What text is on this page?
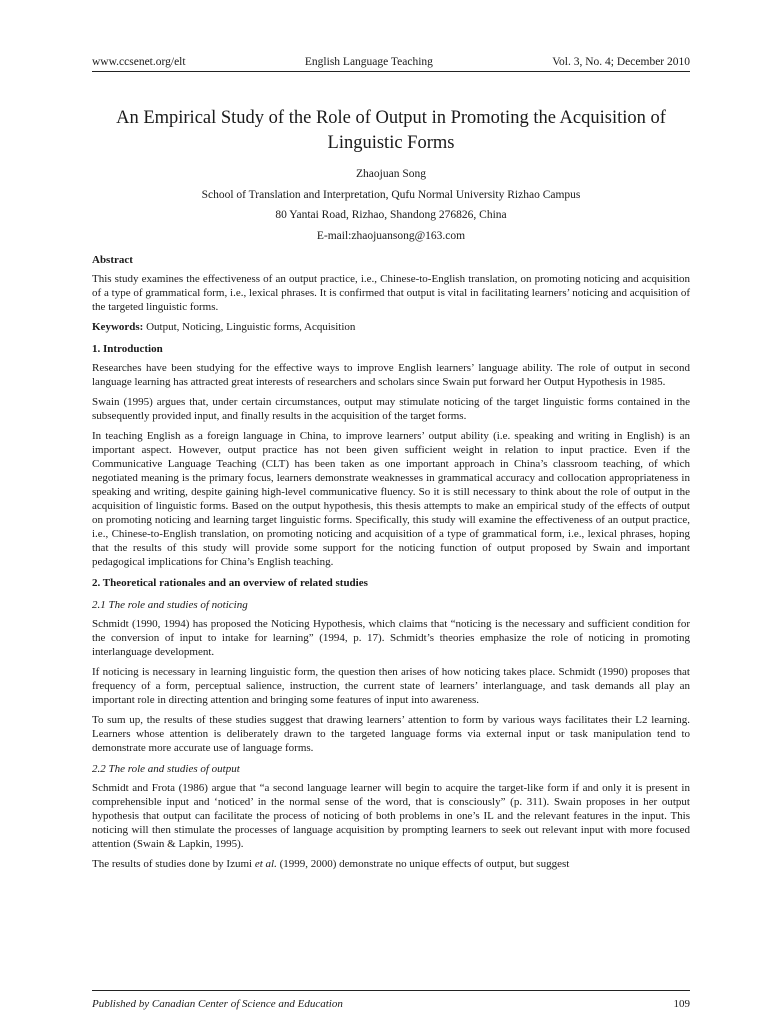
www.ccsenet.org/elt	English Language Teaching	Vol. 3, No. 4; December 2010
An Empirical Study of the Role of Output in Promoting the Acquisition of Linguistic Forms
Zhaojuan Song
School of Translation and Interpretation, Qufu Normal University Rizhao Campus
80 Yantai Road, Rizhao, Shandong 276826, China
E-mail:zhaojuansong@163.com
Abstract

This study examines the effectiveness of an output practice, i.e., Chinese-to-English translation, on promoting noticing and acquisition of a type of grammatical form, i.e., lexical phrases. It is confirmed that output is vital in facilitating learners’ noticing and acquisition of the targeted linguistic forms.

Keywords: Output, Noticing, Linguistic forms, Acquisition
1. Introduction

Researches have been studying for the effective ways to improve English learners’ language ability. The role of output in second language learning has attracted great interests of researchers and scholars since Swain put forward her Output Hypothesis in 1985.

Swain (1995) argues that, under certain circumstances, output may stimulate noticing of the target linguistic forms contained in the subsequently provided input, and finally results in the acquisition of the target forms.

In teaching English as a foreign language in China, to improve learners’ output ability (i.e. speaking and writing in English) is an important aspect. However, output practice has not been given sufficient weight in relation to input practice. Even if the Communicative Language Teaching (CLT) has been taken as one important approach in China’s classroom teaching, of which negotiated meaning is the primary focus, learners demonstrate weaknesses in grammatical accuracy and collocation appropriateness in speaking and writing, despite gaining high-level communicative fluency. So it is still necessary to think about the role of output in the acquisition of linguistic forms. Based on the output hypothesis, this thesis attempts to make an empirical study of the effects of output on promoting noticing and learning target linguistic forms. Specifically, this study will examine the effectiveness of an output practice, i.e., Chinese-to-English translation, on promoting noticing and acquisition of a type of grammatical form, i.e., lexical phrases, hoping that the results of this study will provide some support for the noticing function of output proposed by Swain and important pedagogical implications for China’s English teaching.

2. Theoretical rationales and an overview of related studies
2.1 The role and studies of noticing

Schmidt (1990, 1994) has proposed the Noticing Hypothesis, which claims that “noticing is the necessary and sufficient condition for the conversion of input to intake for learning” (1994, p. 17). Schmidt’s theories emphasize the role of noticing in promoting interlanguage development.

If noticing is necessary in learning linguistic form, the question then arises of how noticing takes place. Schmidt (1990) proposes that frequency of a form, perceptual salience, instruction, the current state of learners’ interlanguage, and task demands all play an important role in directing attention and bringing some features of input into awareness.

To sum up, the results of these studies suggest that drawing learners’ attention to form by various ways facilitates their L2 learning. Learners whose attention is deliberately drawn to the targeted language forms via external input or task manipulation tend to demonstrate more accurate use of language forms.

2.2 The role and studies of output

Schmidt and Frota (1986) argue that “a second language learner will begin to acquire the target-like form if and only it is present in comprehensible input and ‘noticed’ in the normal sense of the word, that is consciously” (p. 311). Swain proposes in her output hypothesis that output can facilitate the process of noticing of both problems in one’s IL and the relevant features in the input. This noticing will then stimulate the processes of language acquisition by prompting learners to seek out relevant input with more focused attention (Swain & Lapkin, 1995).

The results of studies done by Izumi et al. (1999, 2000) demonstrate no unique effects of output, but suggest

Published by Canadian Center of Science and Education	109
